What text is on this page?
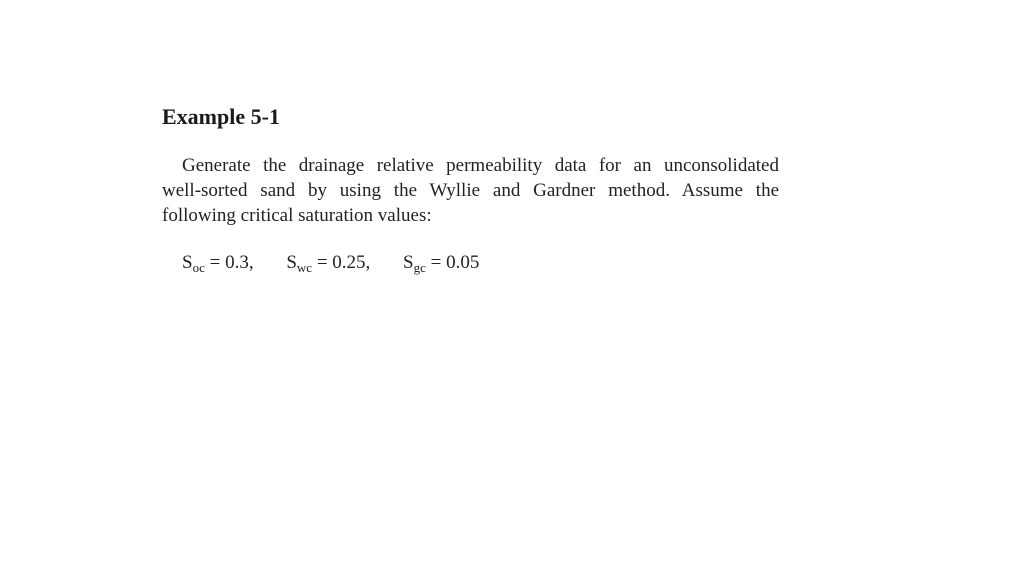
Example 5-1

Generate the drainage relative permeability data for an unconsolidated
well-sorted sand by using the Wyllie and Gardner method. Assume the
following critical saturation values:

$S_{oc} = 0.3$, $S_{wc} = 0.25$, $S_{gc} = 0.05$
